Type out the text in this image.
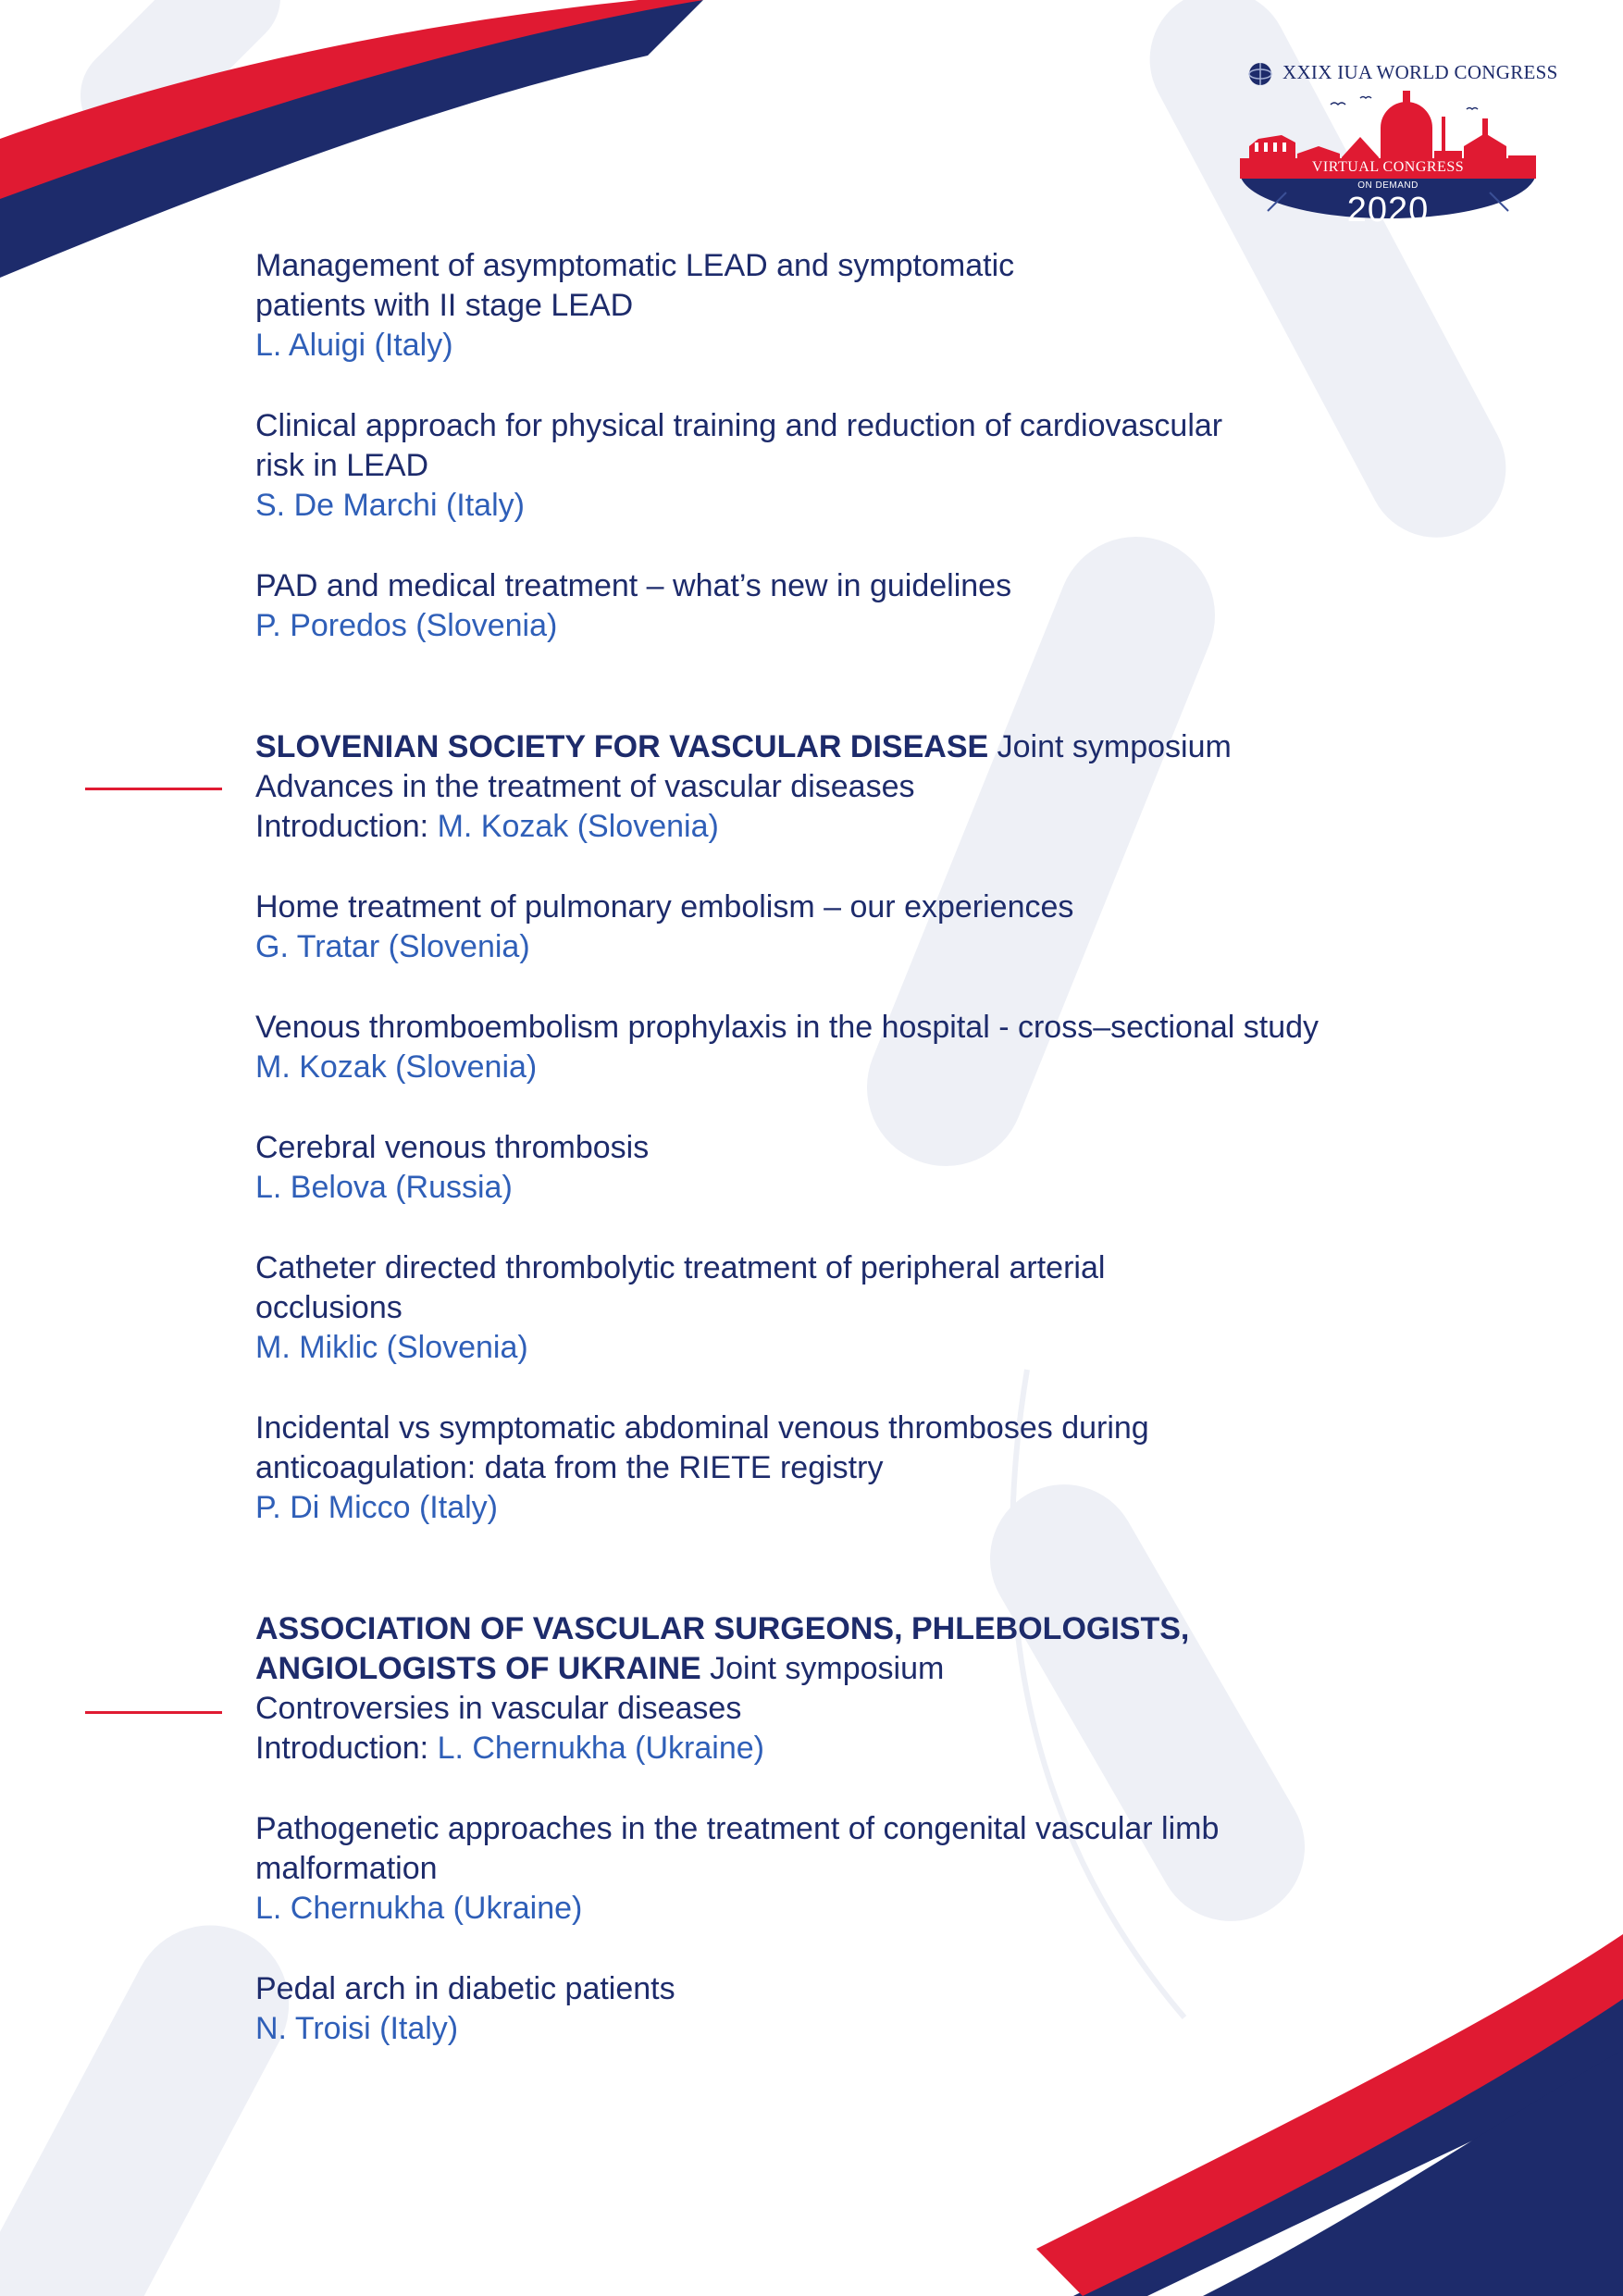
XXIX IUA WORLD CONGRESS
VIRTUAL CONGRESS
ON DEMAND
2020
Management of asymptomatic LEAD and symptomatic
patients with II stage LEAD
L. Aluigi (Italy)
Clinical approach for physical training and reduction of cardiovascular
risk in LEAD
S. De Marchi (Italy)
PAD and medical treatment – what’s new in guidelines
P. Poredos (Slovenia)
SLOVENIAN SOCIETY FOR VASCULAR DISEASE Joint symposium
Advances in the treatment of vascular diseases
Introduction: M. Kozak (Slovenia)
Home treatment of pulmonary embolism – our experiences
G. Tratar (Slovenia)
Venous thromboembolism prophylaxis in the hospital - cross–sectional study
M. Kozak (Slovenia)
Cerebral venous thrombosis
L. Belova (Russia)
Catheter directed thrombolytic treatment of peripheral arterial
occlusions
M. Miklic (Slovenia)
Incidental vs symptomatic abdominal venous thromboses during
anticoagulation: data from the RIETE registry
P. Di Micco (Italy)
ASSOCIATION OF VASCULAR SURGEONS, PHLEBOLOGISTS,
ANGIOLOGISTS OF UKRAINE Joint symposium
Controversies in vascular diseases
Introduction: L. Chernukha (Ukraine)
Pathogenetic approaches in the treatment of congenital vascular limb
malformation
L. Chernukha (Ukraine)
Pedal arch in diabetic patients
N. Troisi (Italy)
